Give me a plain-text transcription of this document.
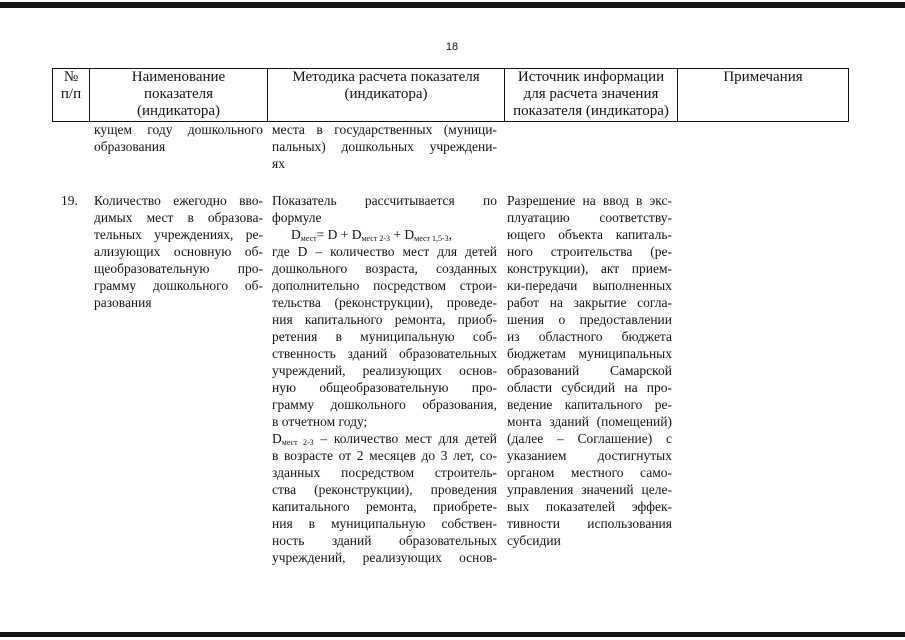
18
№
п/п
Наименование
показателя
(индикатора)
Методика расчета показателя
(индикатора)
Источник информации
для расчета значения
показателя (индикатора)
Примечания
кущем году дошкольного
образования
места в государственных (муници-
пальных) дошкольных учреждени-
ях
19.	Количество ежегодно вво-
димых мест в образова-
тельных учреждениях, ре-
ализующих основную об-
щеобразовательную про-
грамму дошкольного об-
разования
Показатель рассчитывается по
формуле
$D_{мест}= D + D_{мест 2-3} + D_{мест 1,5-3}$,
где D – количество мест для детей
дошкольного возраста, созданных
дополнительно посредством строи-
тельства (реконструкции), проведе-
ния капитального ремонта, приоб-
ретения в муниципальную соб-
ственность зданий образовательных
учреждений, реализующих основ-
ную общеобразовательную про-
грамму дошкольного образования,
в отчетном году;
$D_{мест 2-3}$ – количество мест для детей
в возрасте от 2 месяцев до 3 лет, со-
зданных посредством строитель-
ства (реконструкции), проведения
капитального ремонта, приобрете-
ния в муниципальную собствен-
ность зданий образовательных
учреждений, реализующих основ-
Разрешение на ввод в экс-
плуатацию соответству-
ющего объекта капиталь-
ного строительства (ре-
конструкции), акт прием-
ки-передачи выполненных
работ на закрытие согла-
шения о предоставлении
из областного бюджета
бюджетам муниципальных
образований Самарской
области субсидий на про-
ведение капитального ре-
монта зданий (помещений)
(далее – Соглашение) с
указанием достигнутых
органом местного само-
управления значений целе-
вых показателей эффек-
тивности использования
субсидии
